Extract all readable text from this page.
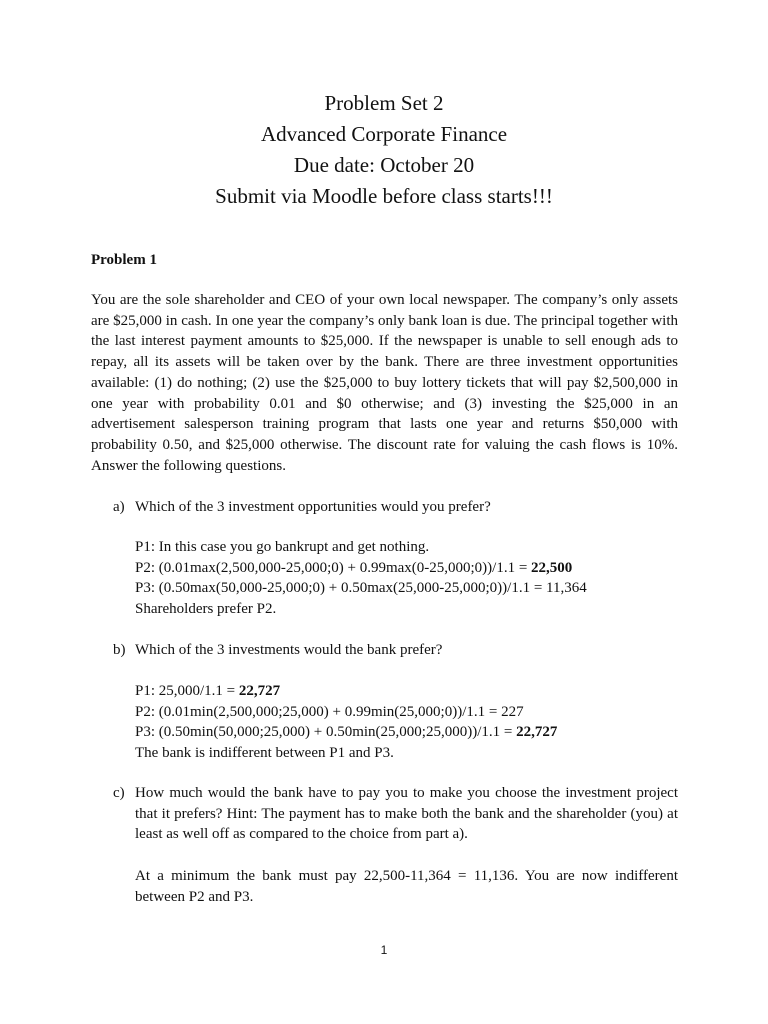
Problem Set 2
Advanced Corporate Finance
Due date: October 20
Submit via Moodle before class starts!!!
Problem 1
You are the sole shareholder and CEO of your own local newspaper. The company’s only assets are $25,000 in cash. In one year the company’s only bank loan is due. The principal together with the last interest payment amounts to $25,000. If the newspaper is unable to sell enough ads to repay, all its assets will be taken over by the bank. There are three investment opportunities available: (1) do nothing; (2) use the $25,000 to buy lottery tickets that will pay $2,500,000 in one year with probability 0.01 and $0 otherwise; and (3) investing the $25,000 in an advertisement salesperson training program that lasts one year and returns $50,000 with probability 0.50, and $25,000 otherwise. The discount rate for valuing the cash flows is 10%. Answer the following questions.
a) Which of the 3 investment opportunities would you prefer?
P1: In this case you go bankrupt and get nothing.
P2: (0.01max(2,500,000-25,000;0) + 0.99max(0-25,000;0))/1.1 = 22,500
P3: (0.50max(50,000-25,000;0) + 0.50max(25,000-25,000;0))/1.1 = 11,364
Shareholders prefer P2.
b) Which of the 3 investments would the bank prefer?
P1: 25,000/1.1 = 22,727
P2: (0.01min(2,500,000;25,000) + 0.99min(25,000;0))/1.1 = 227
P3: (0.50min(50,000;25,000) + 0.50min(25,000;25,000))/1.1 = 22,727
The bank is indifferent between P1 and P3.
c) How much would the bank have to pay you to make you choose the investment project that it prefers? Hint: The payment has to make both the bank and the shareholder (you) at least as well off as compared to the choice from part a).
At a minimum the bank must pay 22,500-11,364 = 11,136. You are now indifferent between P2 and P3.
1
